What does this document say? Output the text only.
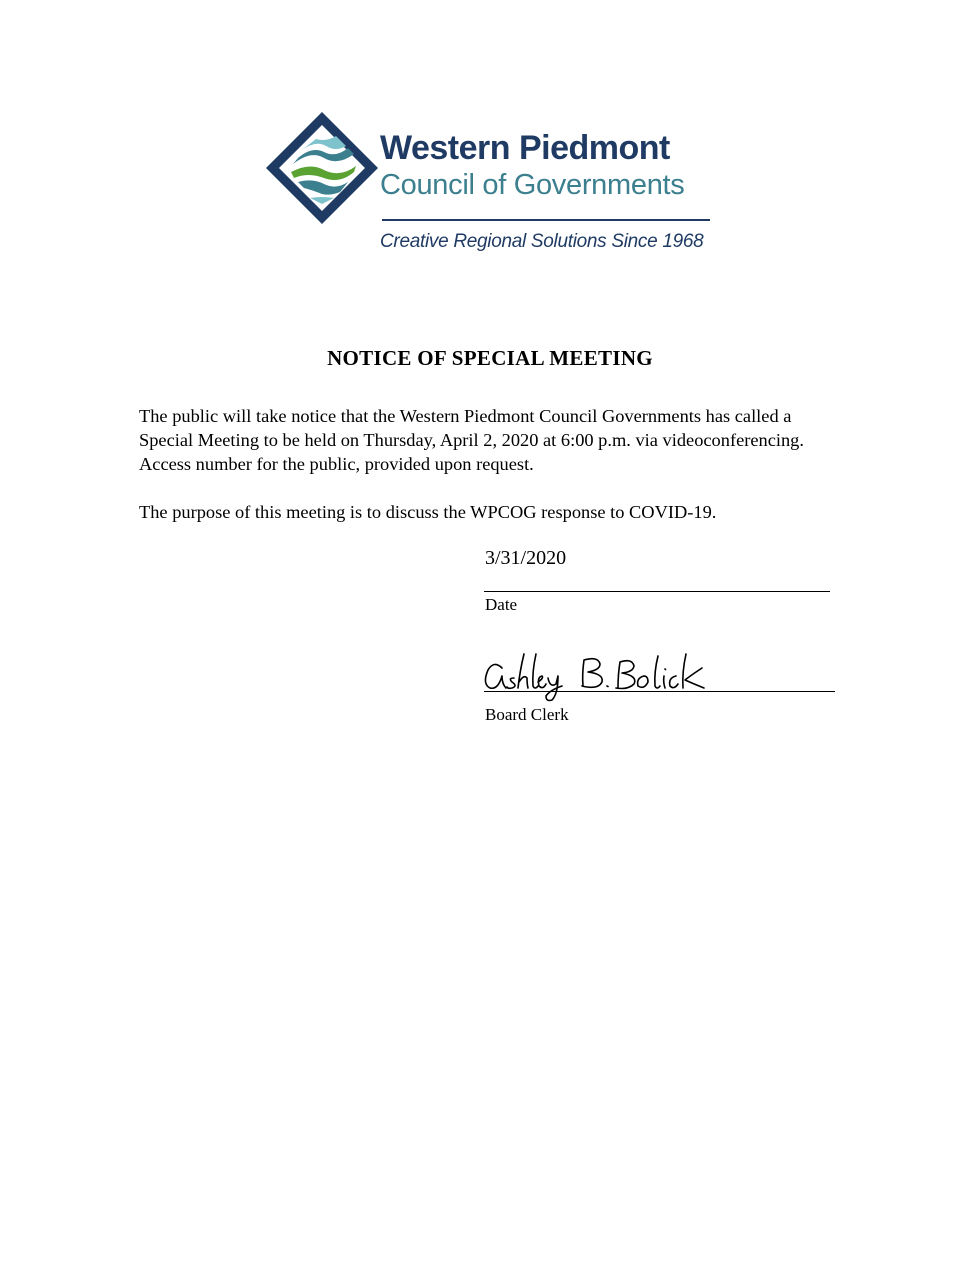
Western Piedmont
Council of Governments
Creative Regional Solutions Since 1968
NOTICE OF SPECIAL MEETING

The public will take notice that the Western Piedmont Council Governments has called a Special Meeting to be held on Thursday, April 2, 2020 at 6:00 p.m. via videoconferencing. Access number for the public, provided upon request.

The purpose of this meeting is to discuss the WPCOG response to COVID-19.

3/31/2020
Date
Board Clerk
